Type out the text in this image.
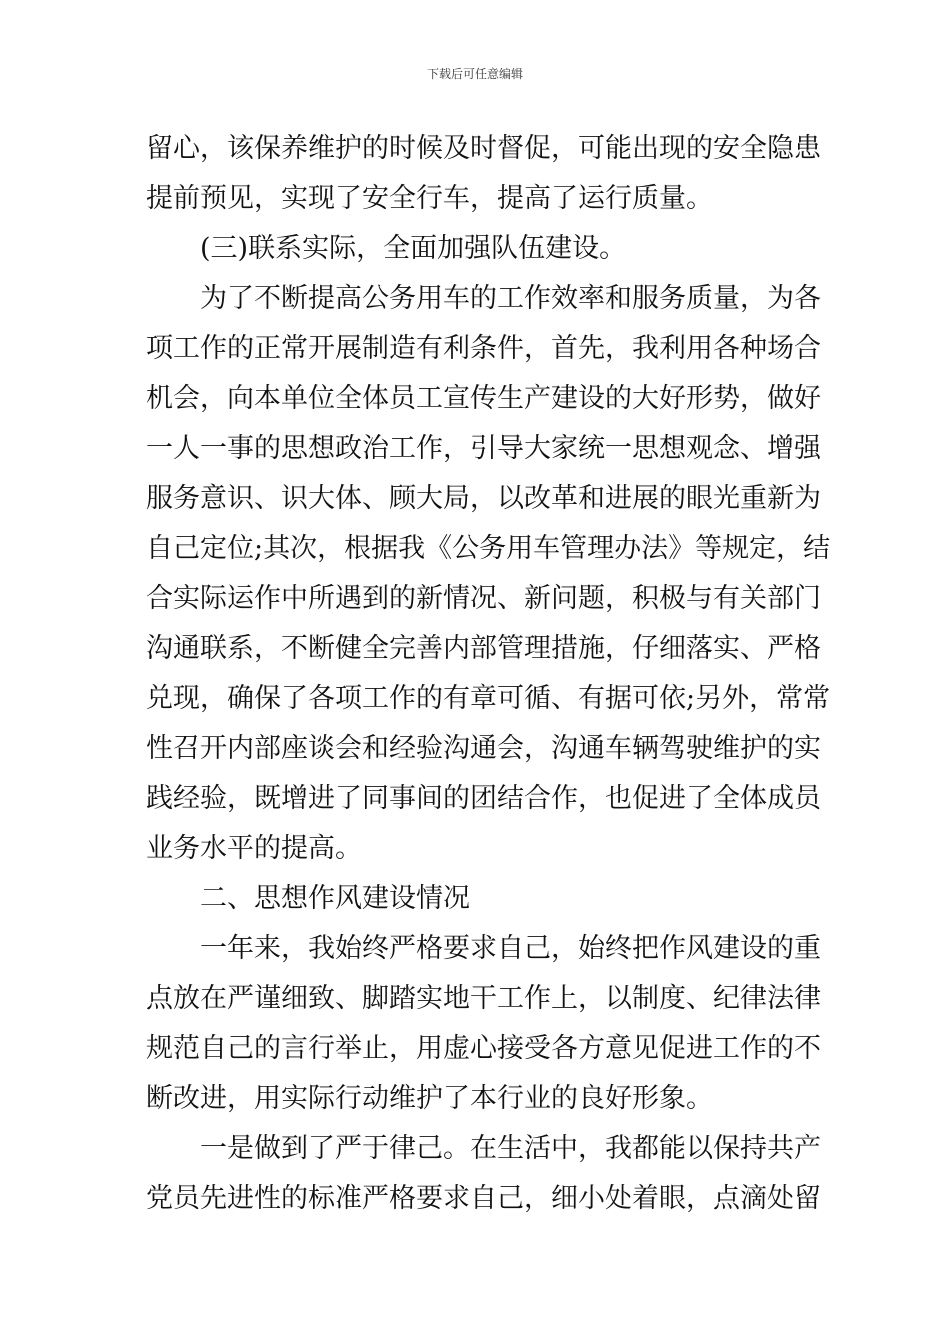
下载后可任意编辑
留心，该保养维护的时候及时督促，可能出现的安全隐患
提前预见，实现了安全行车，提高了运行质量。
(三)联系实际，全面加强队伍建设。
为了不断提高公务用车的工作效率和服务质量，为各
项工作的正常开展制造有利条件，首先，我利用各种场合
机会，向本单位全体员工宣传生产建设的大好形势，做好
一人一事的思想政治工作，引导大家统一思想观念、增强
服务意识、识大体、顾大局，以改革和进展的眼光重新为
自己定位;其次，根据我《公务用车管理办法》等规定，结
合实际运作中所遇到的新情况、新问题，积极与有关部门
沟通联系，不断健全完善内部管理措施，仔细落实、严格
兑现，确保了各项工作的有章可循、有据可依;另外，常常
性召开内部座谈会和经验沟通会，沟通车辆驾驶维护的实
践经验，既增进了同事间的团结合作，也促进了全体成员
业务水平的提高。
二、思想作风建设情况
一年来，我始终严格要求自己，始终把作风建设的重
点放在严谨细致、脚踏实地干工作上，以制度、纪律法律
规范自己的言行举止，用虚心接受各方意见促进工作的不
断改进，用实际行动维护了本行业的良好形象。
一是做到了严于律己。在生活中，我都能以保持共产
党员先进性的标准严格要求自己，细小处着眼，点滴处留
